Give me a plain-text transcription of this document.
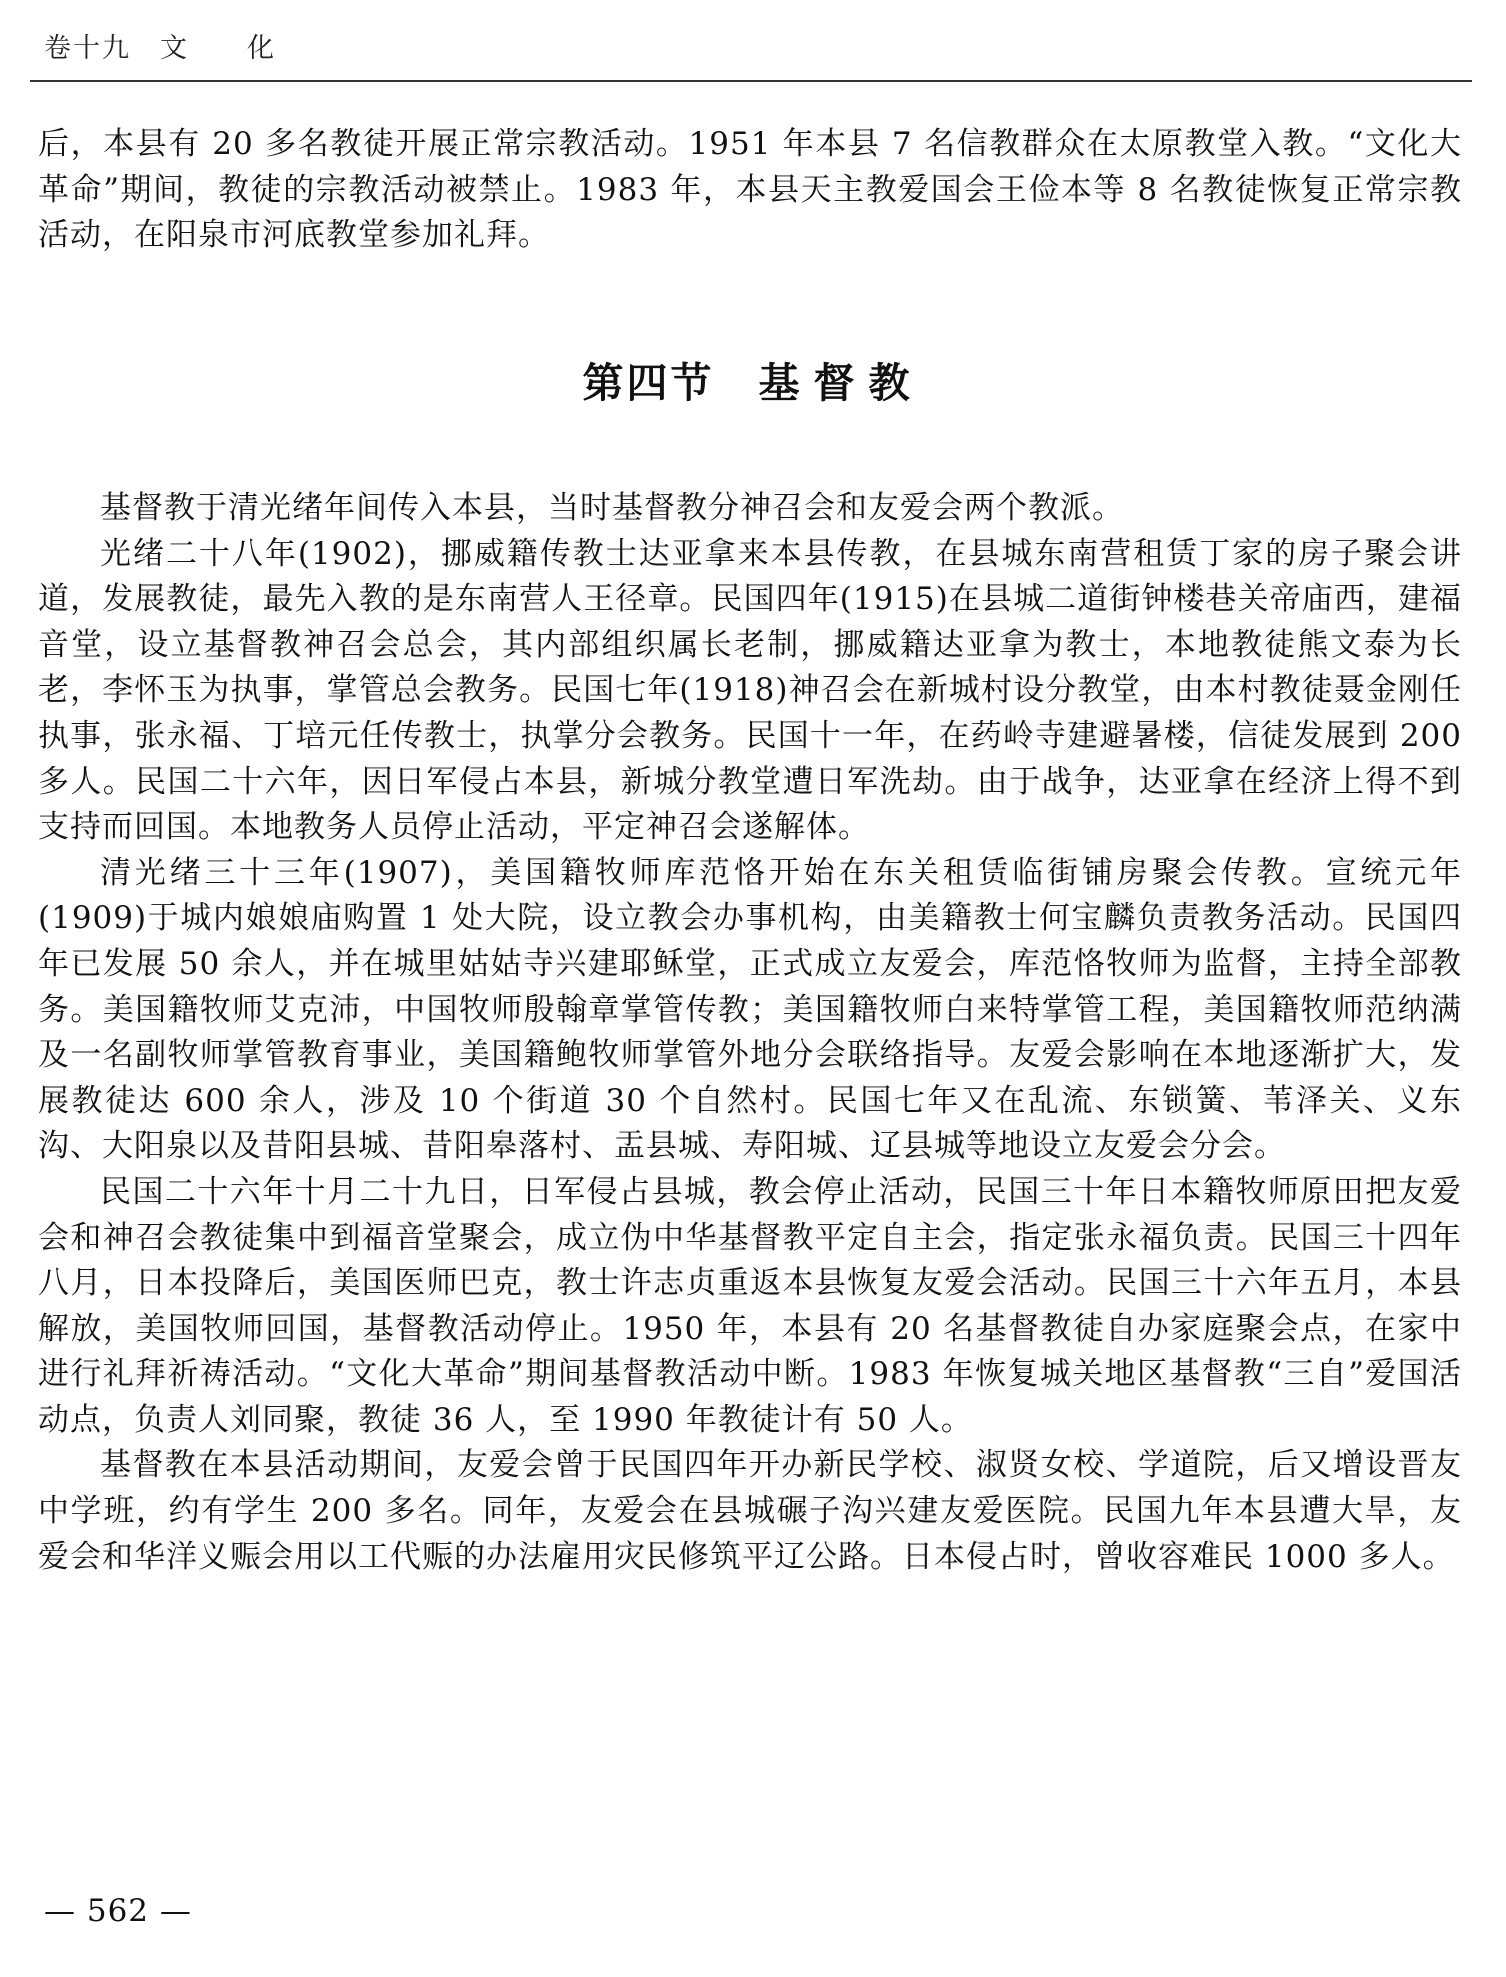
卷十九　文　　化

后，本县有 20 多名教徒开展正常宗教活动。1951 年本县 7 名信教群众在太原教堂入教。“文化大革命”期间，教徒的宗教活动被禁止。1983 年，本县天主教爱国会王俭本等 8 名教徒恢复正常宗教活动，在阳泉市河底教堂参加礼拜。

第四节 基督教

基督教于清光绪年间传入本县，当时基督教分神召会和友爱会两个教派。

光绪二十八年(1902)，挪威籍传教士达亚拿来本县传教，在县城东南营租赁丁家的房子聚会讲道，发展教徒，最先入教的是东南营人王径章。民国四年(1915)在县城二道街钟楼巷关帝庙西，建福音堂，设立基督教神召会总会，其内部组织属长老制，挪威籍达亚拿为教士，本地教徒熊文泰为长老，李怀玉为执事，掌管总会教务。民国七年(1918)神召会在新城村设分教堂，由本村教徒聂金刚任执事，张永福、丁培元任传教士，执掌分会教务。民国十一年，在药岭寺建避暑楼，信徒发展到 200 多人。民国二十六年，因日军侵占本县，新城分教堂遭日军洗劫。由于战争，达亚拿在经济上得不到支持而回国。本地教务人员停止活动，平定神召会遂解体。

清光绪三十三年(1907)，美国籍牧师库范恪开始在东关租赁临街铺房聚会传教。宣统元年(1909)于城内娘娘庙购置 1 处大院，设立教会办事机构，由美籍教士何宝麟负责教务活动。民国四年已发展 50 余人，并在城里姑姑寺兴建耶稣堂，正式成立友爱会，库范恪牧师为监督，主持全部教务。美国籍牧师艾克沛，中国牧师殷翰章掌管传教；美国籍牧师白来特掌管工程，美国籍牧师范纳满及一名副牧师掌管教育事业，美国籍鲍牧师掌管外地分会联络指导。友爱会影响在本地逐渐扩大，发展教徒达 600 余人，涉及 10 个街道 30 个自然村。民国七年又在乱流、东锁簧、苇泽关、义东沟、大阳泉以及昔阳县城、昔阳皋落村、盂县城、寿阳城、辽县城等地设立友爱会分会。

民国二十六年十月二十九日，日军侵占县城，教会停止活动，民国三十年日本籍牧师原田把友爱会和神召会教徒集中到福音堂聚会，成立伪中华基督教平定自主会，指定张永福负责。民国三十四年八月，日本投降后，美国医师巴克，教士许志贞重返本县恢复友爱会活动。民国三十六年五月，本县解放，美国牧师回国，基督教活动停止。1950 年，本县有 20 名基督教徒自办家庭聚会点，在家中进行礼拜祈祷活动。“文化大革命”期间基督教活动中断。1983 年恢复城关地区基督教“三自”爱国活动点，负责人刘同聚，教徒 36 人，至 1990 年教徒计有 50 人。

基督教在本县活动期间，友爱会曾于民国四年开办新民学校、淑贤女校、学道院，后又增设晋友中学班，约有学生 200 多名。同年，友爱会在县城碾子沟兴建友爱医院。民国九年本县遭大旱，友爱会和华洋义赈会用以工代赈的办法雇用灾民修筑平辽公路。日本侵占时，曾收容难民 1000 多人。

— 562 —
